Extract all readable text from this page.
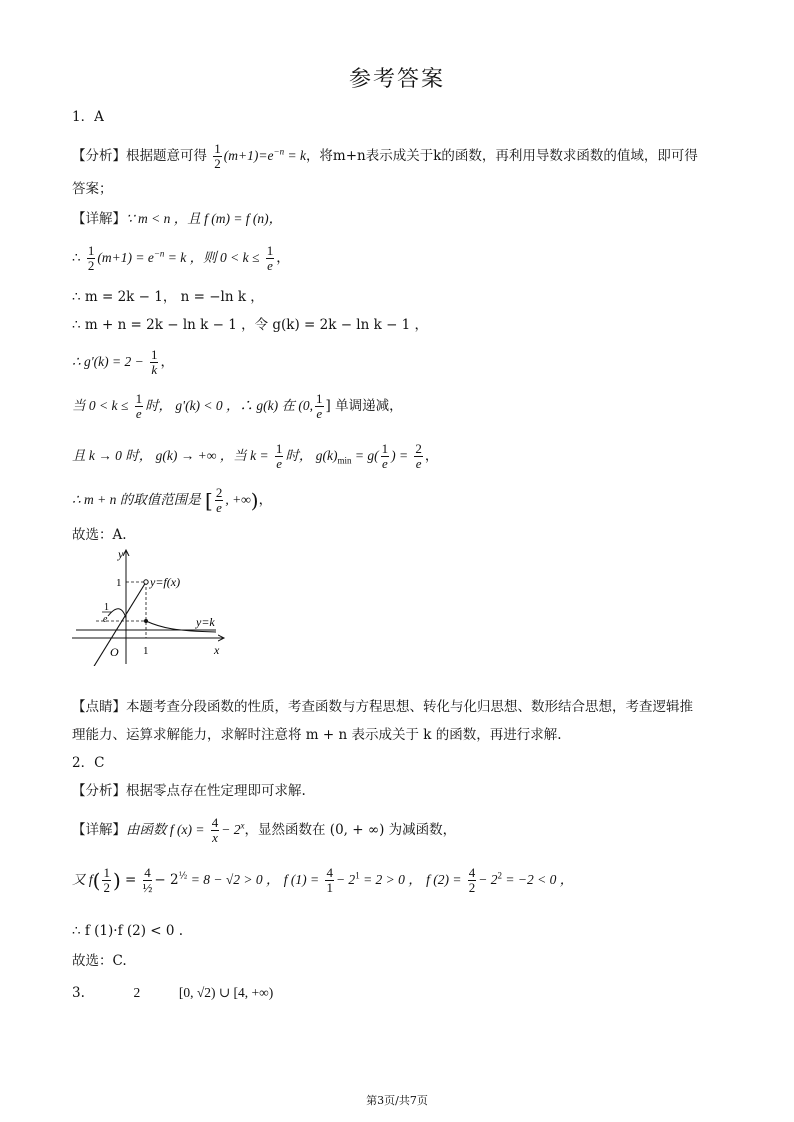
参考答案
1．A
【分析】根据题意可得 $\frac{1}{2} (m+1)=e^{-n} = k$，将m+n表示成关于k的函数，再利用导数求函数的值域，即可得
答案；
【详解】∵ m < n ，且 f (m) = f (n)，
∴ $\frac{1}{2} (m+1) = e^{-n} = k$ ，则 $0 < k \le \frac{1}{e}$ ，
∴ m = 2k − 1， n = −ln k ，
∴ m + n = 2k − ln k − 1 ，令 g(k) = 2k − ln k − 1 ，
∴ $g'(k) = 2 - \frac{1}{k}$ ，
当 $0 < k \le \frac{1}{e}$ 时， g'(k) < 0 ，∴ g(k) 在 (0, $\frac{1}{e}$ ] 单调递减，
且 k → 0 时， g(k) → +∞ ，当 $k = \frac{1}{e}$ 时， $g(k)_{min} = g( \frac{1}{e}$ ) = $\frac{2}{e}$ ，
∴ m + n 的取值范围是 [ $\frac{2}{e}$ , +∞)，
故选：A.
y
x
O
1
1
1
e
y=f(x)
y=k
【点睛】本题考查分段函数的性质，考查函数与方程思想、转化与化归思想、数形结合思想，考查逻辑推
理能力、运算求解能力，求解时注意将 m + n 表示成关于 k 的函数，再进行求解.
2．C
【分析】根据零点存在性定理即可求解.
【详解】由函数 f $(x) = \frac{4}{x} - 2^x$，显然函数在 (0, + ∞) 为减函数，
又 $f( \frac{1}{2}$ ) = $\frac{4}{\text{½}} - 2^{\frac{1}{2}} = 8 - √2 > 0$ ， f $(1) = \frac{4}{1} - 2^1 = 2 > 0$ ， f $(2) = \frac{4}{2} - 2^2 = -2 < 0$ ，
∴ f (1)·f (2) < 0 .
故选：C.
3.	2	[0, √2) ∪ [4, +∞)
第3页/共7页
